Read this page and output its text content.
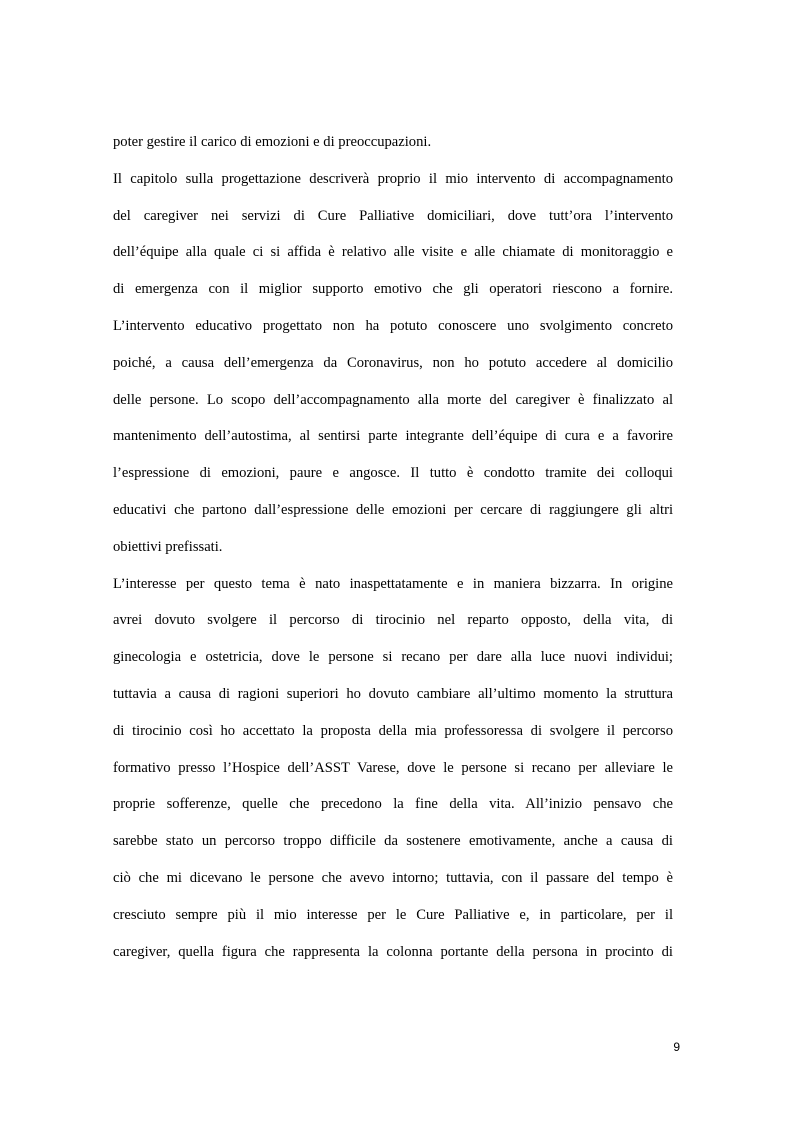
poter gestire il carico di emozioni e di preoccupazioni.
Il capitolo sulla progettazione descriverà proprio il mio intervento di accompagnamento
del caregiver nei servizi di Cure Palliative domiciliari, dove tutt’ora l’intervento
dell’équipe alla quale ci si affida è relativo alle visite e alle chiamate di monitoraggio e
di emergenza con il miglior supporto emotivo che gli operatori riescono a fornire.
L’intervento educativo progettato non ha potuto conoscere uno svolgimento concreto
poiché, a causa dell’emergenza da Coronavirus, non ho potuto accedere al domicilio
delle persone. Lo scopo dell’accompagnamento alla morte del caregiver è finalizzato al
mantenimento dell’autostima, al sentirsi parte integrante dell’équipe di cura e a favorire
l’espressione di emozioni, paure e angosce. Il tutto è condotto tramite dei colloqui
educativi che partono dall’espressione delle emozioni per cercare di raggiungere gli altri
obiettivi prefissati.
L’interesse per questo tema è nato inaspettatamente e in maniera bizzarra. In origine
avrei dovuto svolgere il percorso di tirocinio nel reparto opposto, della vita, di
ginecologia e ostetricia, dove le persone si recano per dare alla luce nuovi individui;
tuttavia a causa di ragioni superiori ho dovuto cambiare all’ultimo momento la struttura
di tirocinio così ho accettato la proposta della mia professoressa di svolgere il percorso
formativo presso l’Hospice dell’ASST Varese, dove le persone si recano per alleviare le
proprie sofferenze, quelle che precedono la fine della vita. All’inizio pensavo che
sarebbe stato un percorso troppo difficile da sostenere emotivamente, anche a causa di
ciò che mi dicevano le persone che avevo intorno; tuttavia, con il passare del tempo è
cresciuto sempre più il mio interesse per le Cure Palliative e, in particolare, per il
caregiver, quella figura che rappresenta la colonna portante della persona in procinto di
9
